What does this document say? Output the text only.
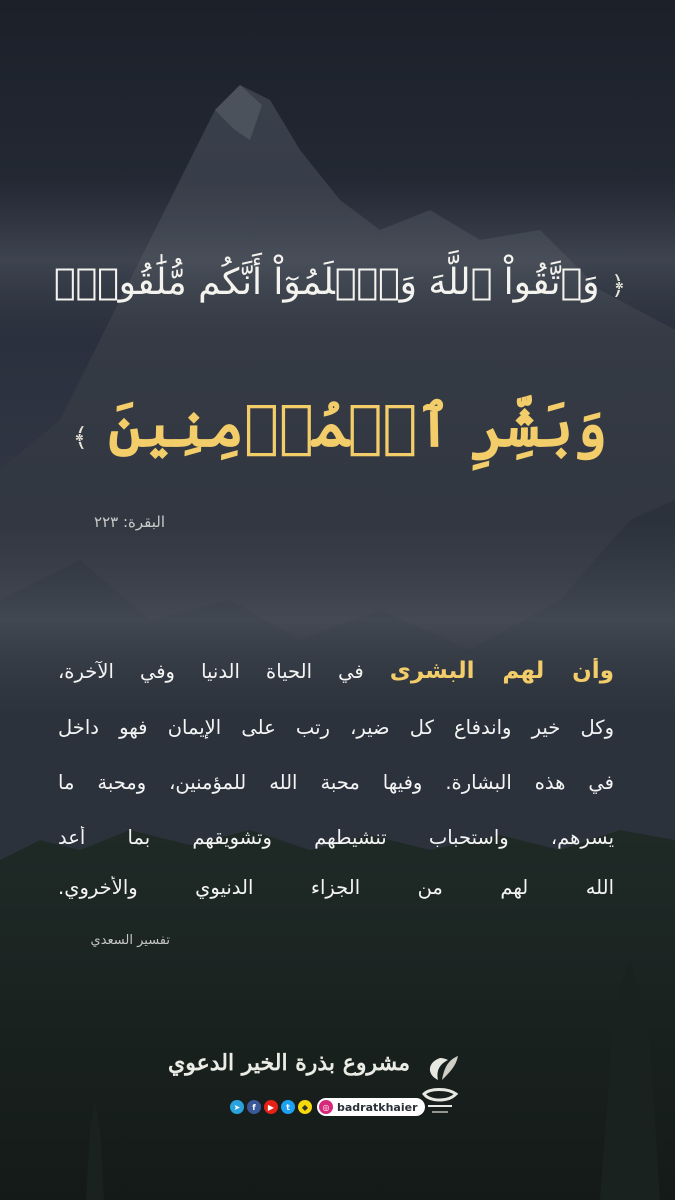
﴿ وَٱتَّقُواْ ٱللَّهَ وَٱعۡلَمُوٓاْ أَنَّكُم مُّلَٰقُوهُۗ
وَبَشِّرِ ٱلۡمُؤۡمِنِينَ ﴾
البقرة: ٢٢٣
وأن لهم البشرى في الحياة الدنيا وفي الآخرة،
وكل خير واندفاع كل ضير، رتب على الإيمان فهو داخل
في هذه البشارة. وفيها محبة الله للمؤمنين، ومحبة ما
يسرهم، واستحباب تنشيطهم وتشويقهم بما أعد
الله لهم من الجزاء الدنيوي والأخروي.
تفسير السعدي
مشروع بذرة الخير الدعوي
➤	f	▶	t	◆	◎ badratkhaier
